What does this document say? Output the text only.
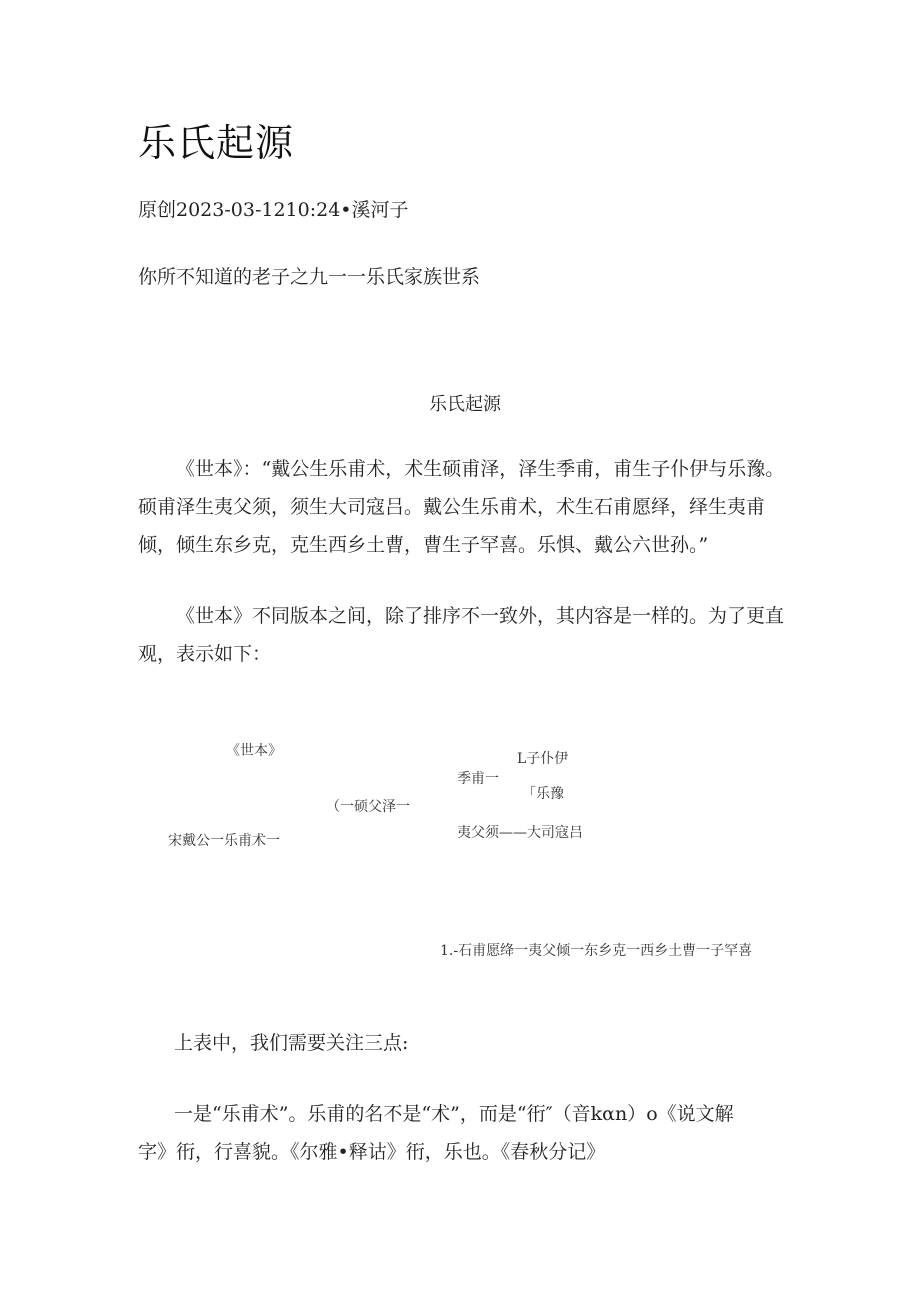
乐氏起源
原创2023-03-1210:24•溪河子
你所不知道的老子之九一一乐氏家族世系
乐氏起源
《世本》：“戴公生乐甫术，术生硕甫泽，泽生季甫，甫生子仆伊与乐豫。硕甫泽生夷父须，须生大司寇吕。戴公生乐甫术，术生石甫愿绎，绎生夷甫倾，倾生东乡克，克生西乡土曹，曹生子罕喜。乐惧、戴公六世孙。”
《世本》不同版本之间，除了排序不一致外，其内容是一样的。为了更直观，表示如下：
《世本》
宋戴公一乐甫术一
（一硕父泽一
季甫一
L子仆伊
「乐豫
夷父须——大司寇吕
1.-石甫愿绛一夷父倾一东乡克一西乡土曹一子罕喜
上表中，我们需要关注三点:
一是“乐甫术”。乐甫的名不是“术”，而是“衎″（音kαn）o《说文解
字》衎，行喜貌。《尔雅•释诂》衎，乐也。《春秋分记》
